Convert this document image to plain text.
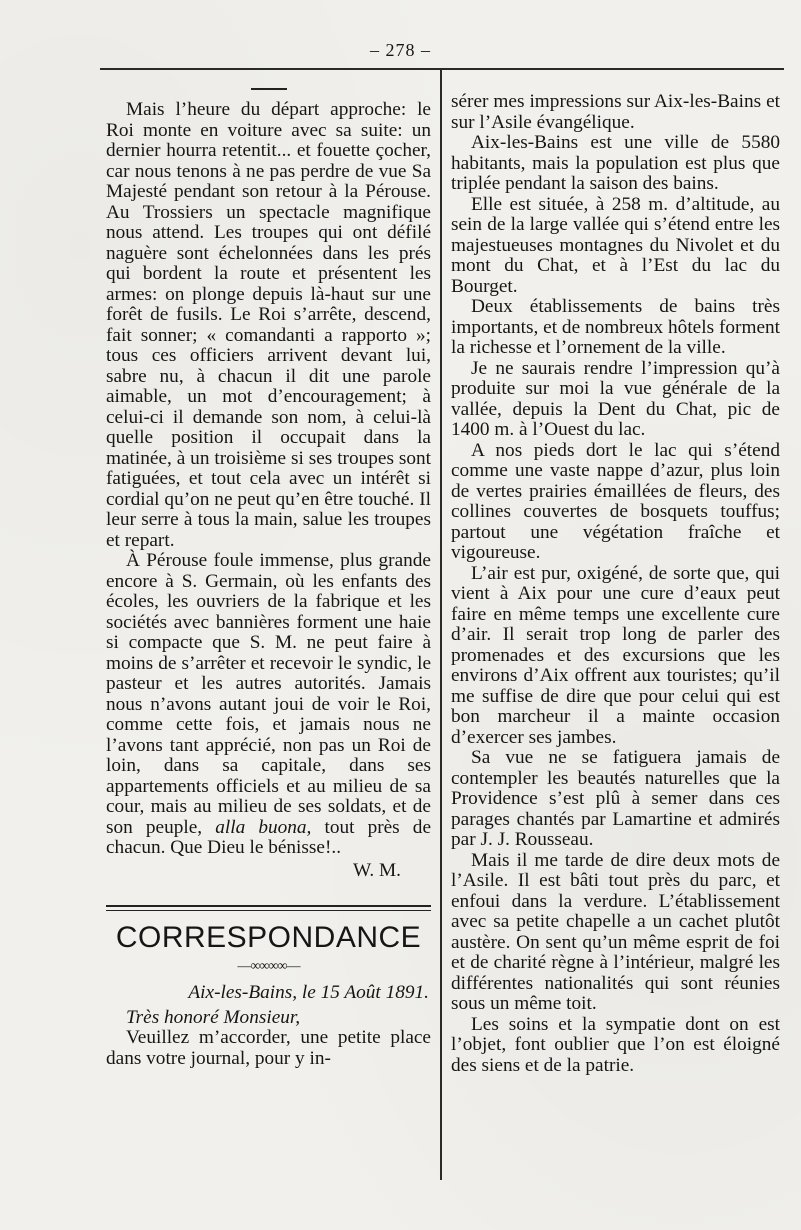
– 278 –

Mais l’heure du départ approche: le Roi monte en voiture avec sa suite: un dernier hourra retentit... et fouette çocher, car nous tenons à ne pas perdre de vue Sa Majesté pendant son retour à la Pérouse. Au Trossiers un spectacle magnifique nous attend. Les troupes qui ont défilé naguère sont échelonnées dans les prés qui bordent la route et présentent les armes: on plonge depuis là-haut sur une forêt de fusils. Le Roi s’arrête, descend, fait sonner; « comandanti a rapporto »; tous ces officiers arrivent devant lui, sabre nu, à chacun il dit une parole aimable, un mot d’encouragement; à celui-ci il demande son nom, à celui-là quelle position il occupait dans la matinée, à un troisième si ses troupes sont fatiguées, et tout cela avec un intérêt si cordial qu’on ne peut qu’en être touché. Il leur serre à tous la main, salue les troupes et repart.

À Pérouse foule immense, plus grande encore à S. Germain, où les enfants des écoles, les ouvriers de la fabrique et les sociétés avec bannières forment une haie si compacte que S. M. ne peut faire à moins de s’arrêter et recevoir le syndic, le pasteur et les autres autorités. Jamais nous n’avons autant joui de voir le Roi, comme cette fois, et jamais nous ne l’avons tant apprécié, non pas un Roi de loin, dans sa capitale, dans ses appartements officiels et au milieu de sa cour, mais au milieu de ses soldats, et de son peuple, alla buona, tout près de chacun. Que Dieu le bénisse!..

W. M.
CORRESPONDANCE
―∞∞∞∞―
Aix-les-Bains, le 15 Août 1891.
Très honoré Monsieur,

Veuillez m’accorder, une petite place dans votre journal, pour y in-

sérer mes impressions sur Aix-les-Bains et sur l’Asile évangélique.

Aix-les-Bains est une ville de 5580 habitants, mais la population est plus que triplée pendant la saison des bains.

Elle est située, à 258 m. d’altitude, au sein de la large vallée qui s’étend entre les majestueuses montagnes du Nivolet et du mont du Chat, et à l’Est du lac du Bourget.

Deux établissements de bains très importants, et de nombreux hôtels forment la richesse et l’ornement de la ville.

Je ne saurais rendre l’impression qu’à produite sur moi la vue générale de la vallée, depuis la Dent du Chat, pic de 1400 m. à l’Ouest du lac.

A nos pieds dort le lac qui s’étend comme une vaste nappe d’azur, plus loin de vertes prairies émaillées de fleurs, des collines couvertes de bosquets touffus; partout une végétation fraîche et vigoureuse.

L’air est pur, oxigéné, de sorte que, qui vient à Aix pour une cure d’eaux peut faire en même temps une excellente cure d’air. Il serait trop long de parler des promenades et des excursions que les environs d’Aix offrent aux touristes; qu’il me suffise de dire que pour celui qui est bon marcheur il a mainte occasion d’exercer ses jambes.

Sa vue ne se fatiguera jamais de contempler les beautés naturelles que la Providence s’est plû à semer dans ces parages chantés par Lamartine et admirés par J. J. Rousseau.

Mais il me tarde de dire deux mots de l’Asile. Il est bâti tout près du parc, et enfoui dans la verdure. L’établissement avec sa petite chapelle a un cachet plutôt austère. On sent qu’un même esprit de foi et de charité règne à l’intérieur, malgré les différentes nationalités qui sont réunies sous un même toit.

Les soins et la sympatie dont on est l’objet, font oublier que l’on est éloigné des siens et de la patrie.
